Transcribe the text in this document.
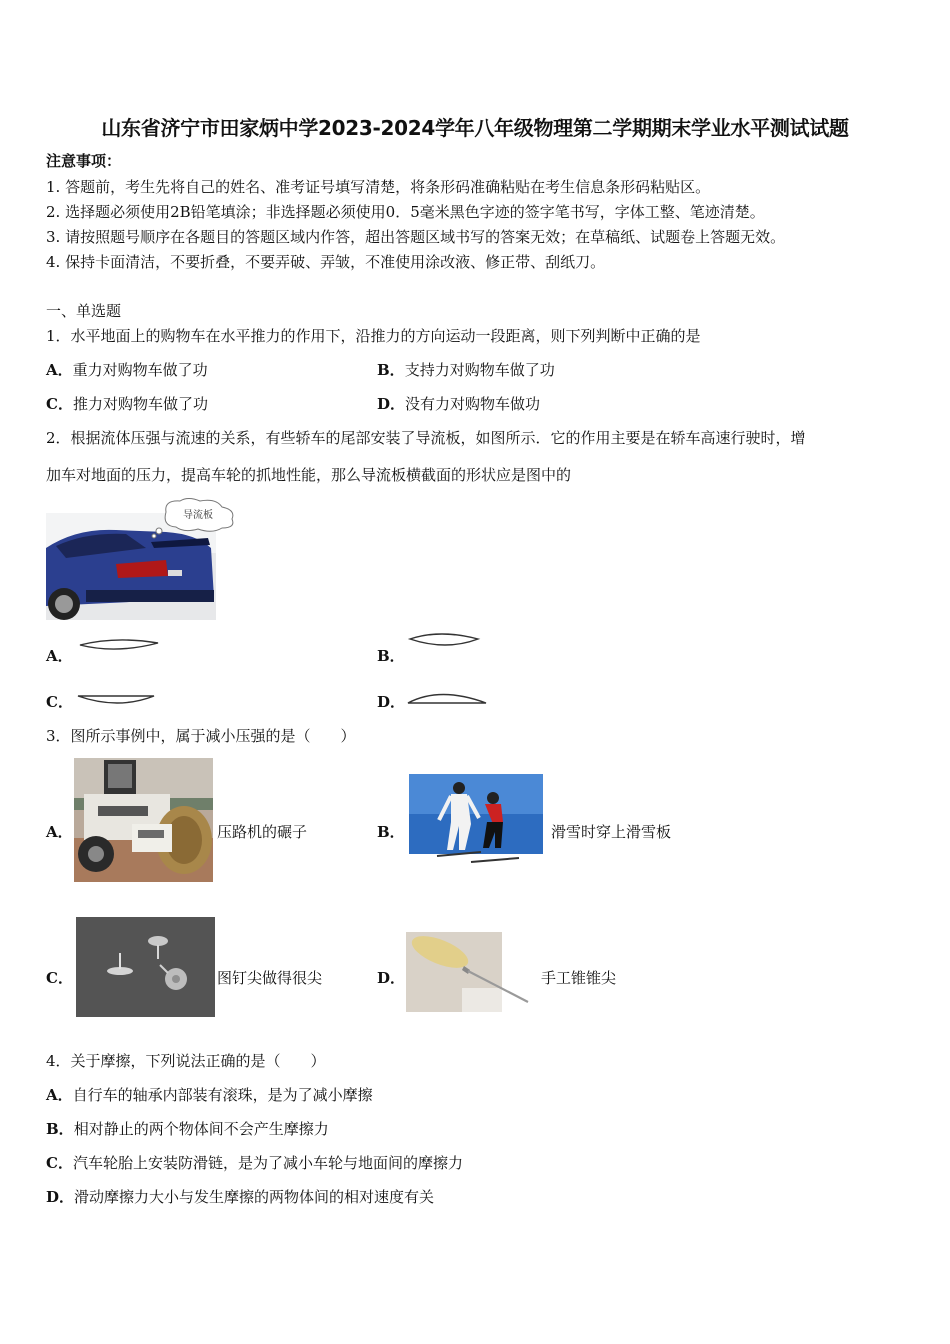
山东省济宁市田家炳中学2023-2024学年八年级物理第二学期期末学业水平测试试题
注意事项：
1. 答题前，考生先将自己的姓名、准考证号填写清楚，将条形码准确粘贴在考生信息条形码粘贴区。
2. 选择题必须使用2B铅笔填涂；非选择题必须使用0．5毫米黑色字迹的签字笔书写，字体工整、笔迹清楚。
3. 请按照题号顺序在各题目的答题区域内作答，超出答题区域书写的答案无效；在草稿纸、试题卷上答题无效。
4. 保持卡面清洁，不要折叠，不要弄破、弄皱，不准使用涂改液、修正带、刮纸刀。
一、单选题
1．水平地面上的购物车在水平推力的作用下，沿推力的方向运动一段距离，则下列判断中正确的是
A．重力对购物车做了功	B．支持力对购物车做了功
C．推力对购物车做了功	D．没有力对购物车做功
2．根据流体压强与流速的关系，有些轿车的尾部安装了导流板，如图所示．它的作用主要是在轿车高速行驶时，增
加车对地面的压力，提高车轮的抓地性能，那么导流板横截面的形状应是图中的
导流板
A．	B．
C．	D．
3．图所示事例中，属于减小压强的是（　　）
A．	压路机的碾子	B．	滑雪时穿上滑雪板
C．	图钉尖做得很尖	D．	手工锥锥尖
4．关于摩擦，下列说法正确的是（　　）
A．自行车的轴承内部装有滚珠，是为了减小摩擦
B．相对静止的两个物体间不会产生摩擦力
C．汽车轮胎上安装防滑链，是为了减小车轮与地面间的摩擦力
D．滑动摩擦力大小与发生摩擦的两物体间的相对速度有关
